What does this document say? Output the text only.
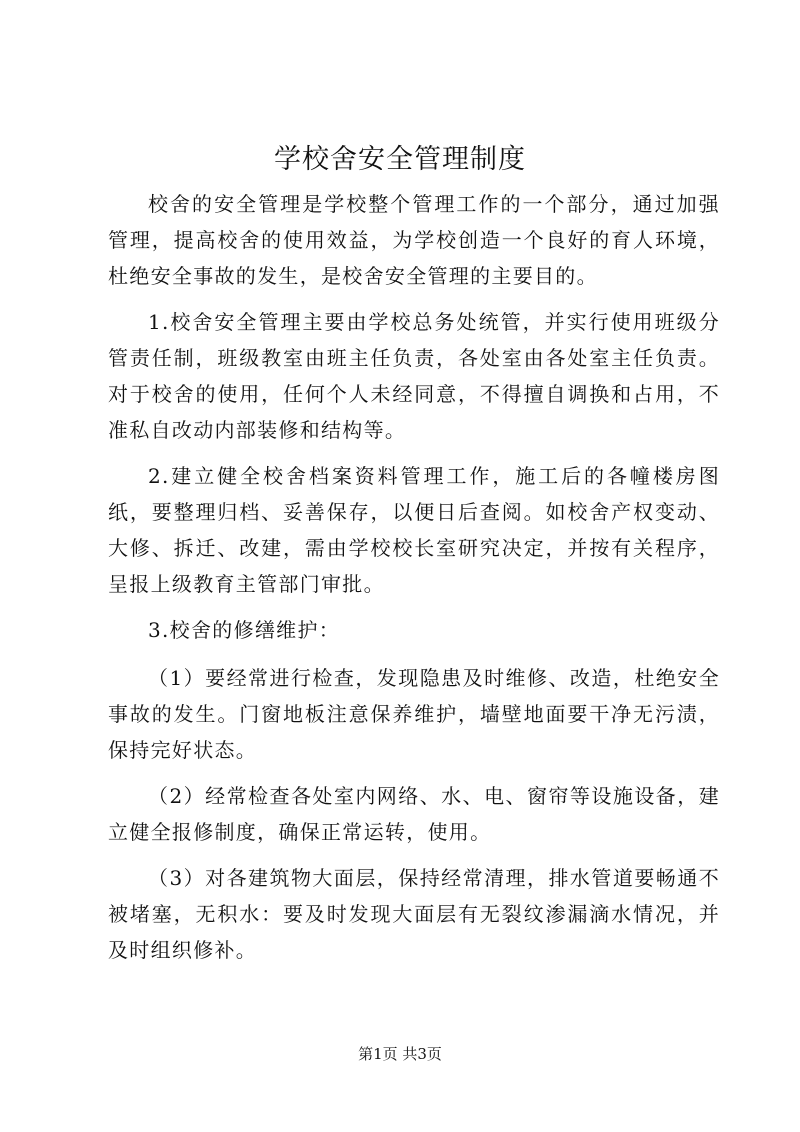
学校舍安全管理制度

校舍的安全管理是学校整个管理工作的一个部分，通过加强管理，提高校舍的使用效益，为学校创造一个良好的育人环境，杜绝安全事故的发生，是校舍安全管理的主要目的。

1.校舍安全管理主要由学校总务处统管，并实行使用班级分管责任制，班级教室由班主任负责，各处室由各处室主任负责。对于校舍的使用，任何个人未经同意，不得擅自调换和占用，不准私自改动内部装修和结构等。

2.建立健全校舍档案资料管理工作，施工后的各幢楼房图纸，要整理归档、妥善保存，以便日后查阅。如校舍产权变动、大修、拆迁、改建，需由学校校长室研究决定，并按有关程序，呈报上级教育主管部门审批。

3.校舍的修缮维护：

（1）要经常进行检查，发现隐患及时维修、改造，杜绝安全事故的发生。门窗地板注意保养维护，墙壁地面要干净无污渍，保持完好状态。

（2）经常检查各处室内网络、水、电、窗帘等设施设备，建立健全报修制度，确保正常运转，使用。

（3）对各建筑物大面层，保持经常清理，排水管道要畅通不被堵塞，无积水：要及时发现大面层有无裂纹渗漏滴水情况，并及时组织修补。

第1页 共3页
